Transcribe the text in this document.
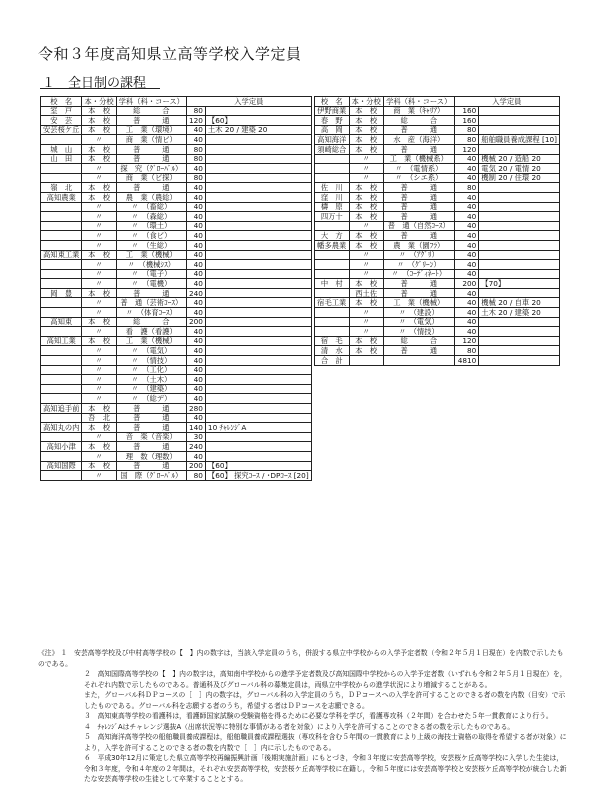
令和３年度高知県立高等学校入学定員
１　全日制の課程
校　名	本・分校	学科（科・コース）	入学定員	
室　戸	本　校	総　　　合	80	
安　芸	本　校	普　　　通	120	【60】
安芸桜ケ丘	本　校	工　業（環境）	40	土木 20 / 建築 20
	〃	商　業（情ビ）	40	
城　山	本　校	普　　　通	80	
山　田	本　校	普　　　通	80	
	〃	探　究（ｸﾞﾛｰﾊﾞﾙ）	40	
	〃	商　業（ビ探）	80	
嶺　北	本　校	普　　　通	40	
高知農業	本　校	農　業（農総）	40	
	〃	〃　（畜総）	40	
	〃	〃　（森総）	40	
	〃	〃　（環土）	40	
	〃	〃　（食ビ）	40	
	〃	〃　（生総）	40	
高知東工業	本　校	工　業（機械）	40	
	〃	〃　（機械ｼｽ）	40	
	〃	〃　（電子）	40	
	〃	〃　（電機）	40	
岡　豊	本　校	普　　　通	240	
	〃	普　通（芸術ｺｰｽ）	40	
	〃	〃　（体育ｺｰｽ）	40	
高知東	本　校	総　　　合	200	
	〃	看　護（看護）	40	
高知工業	本　校	工　業（機械）	40	
	〃	〃　（電気）	40	
	〃	〃　（情技）	40	
	〃	〃　（工化）	40	
	〃	〃　（土木）	40	
	〃	〃　（建築）	40	
	〃	〃　（総デ）	40	
高知追手前	本　校	普　　　通	280	
	吾　北	普　　　通	40	
高知丸の内	本　校	普　　　通	140	10 ﾁｬﾚﾝｼﾞA
	〃	音　楽（音楽）	30	
高知小津	本　校	普　　　通	240	
	〃	理　数（理数）	40	
高知国際	本　校	普　　　通	200	【60】
	〃	国　際（ｸﾞﾛｰﾊﾞﾙ）	80	【60】 探究ｺｰｽ / ･DPｺｰｽ [20]
校　名	本・分校	学科（科・コース）	入学定員	
伊野商業	本　校	商　業（ｷｬﾘｱ）	160	
春　野	本　校	総　　　合	160	
高　岡	本　校	普　　　通	80	
高知海洋	本　校	水　産（海洋）	80	船舶職員養成課程 [10]
須崎総合	本　校	普　　　通	120	
	〃	工　業（機械系）	40	機械 20 / 造船 20
	〃	〃　（電情系）	40	電気 20 / 電情 20
	〃	〃　（シエ系）	40	機制 20 / 住環 20
佐　川	本　校	普　　　通	80	
窪　川	本　校	普　　　通	40	
檮　原	本　校	普　　　通	40	
四万十	本　校	普　　　通	40	
	〃	普　通（自然ｺｰｽ）	40	
大　方	本　校	普　　　通	40	
幡多農業	本　校	農　業（園ﾌﾗ）	40	
	〃	〃　（ｱｸﾞﾘ）	40	
	〃	〃　（ｸﾞﾘｰﾝ）	40	
	〃	〃　（ｺｰﾃﾞｨﾈｰﾄ）	40	
中　村	本　校	普　　　通	200	【70】
	西土佐	普　　　通	40	
宿毛工業	本　校	工　業（機械）	40	機械 20 / 自車 20
	〃	〃　（建設）	40	土木 20 / 建築 20
	〃	〃　（電気）	40	
	〃	〃　（情技）	40	
宿　毛	本　校	総　　　合	120	
清　水	本　校	普　　　通	80	
合　計			4810	
《注》 １　安芸高等学校及び中村高等学校の【　】内の数字は，当該入学定員のうち，併設する県立中学校からの入学予定者数（令和２年５月１日現在）を内数で示したものである。

２　高知国際高等学校の【　】内の数字は，高知南中学校からの進学予定者数及び高知国際中学校からの入学予定者数（いずれも令和２年５月１日現在）を，それぞれ内数で示したものである。普通科及びグローバル科の募集定員は，両県立中学校からの進学状況により増減することがある。

また，グローバル科ＤＰコースの［　］内の数字は，グローバル科の入学定員のうち，ＤＰコースへの入学を許可することのできる者の数を内数（目安）で示したものである。グローバル科を志願する者のうち，希望する者はＤＰコースを志願できる。

３　高知東高等学校の看護科は，看護師国家試験の受験資格を得るために必要な学科を学び，看護専攻科（２年間）を合わせた５年一貫教育により行う。

４　ﾁｬﾚﾝｼﾞAはチャレンジ選抜A（出席状況等に特別な事情がある者を対象）により入学を許可することのできる者の数を示したものである。

５　高知海洋高等学校の船舶職員養成課程は，船舶職員養成課程選抜（専攻科を含む５年間の一貫教育により上級の海技士資格の取得を希望する者が対象）により，入学を許可することのできる者の数を内数で［　］内に示したものである。

６　平成30年12月に策定した県立高等学校再編振興計画「後期実施計画」にもとづき，令和３年度に安芸高等学校，安芸桜ケ丘高等学校に入学した生徒は，令和３年度，令和４年度の２年間は，それぞれ安芸高等学校，安芸桜ケ丘高等学校に在籍し，令和５年度には安芸高等学校と安芸桜ケ丘高等学校が統合した新たな安芸高等学校の生徒として卒業することとする。
